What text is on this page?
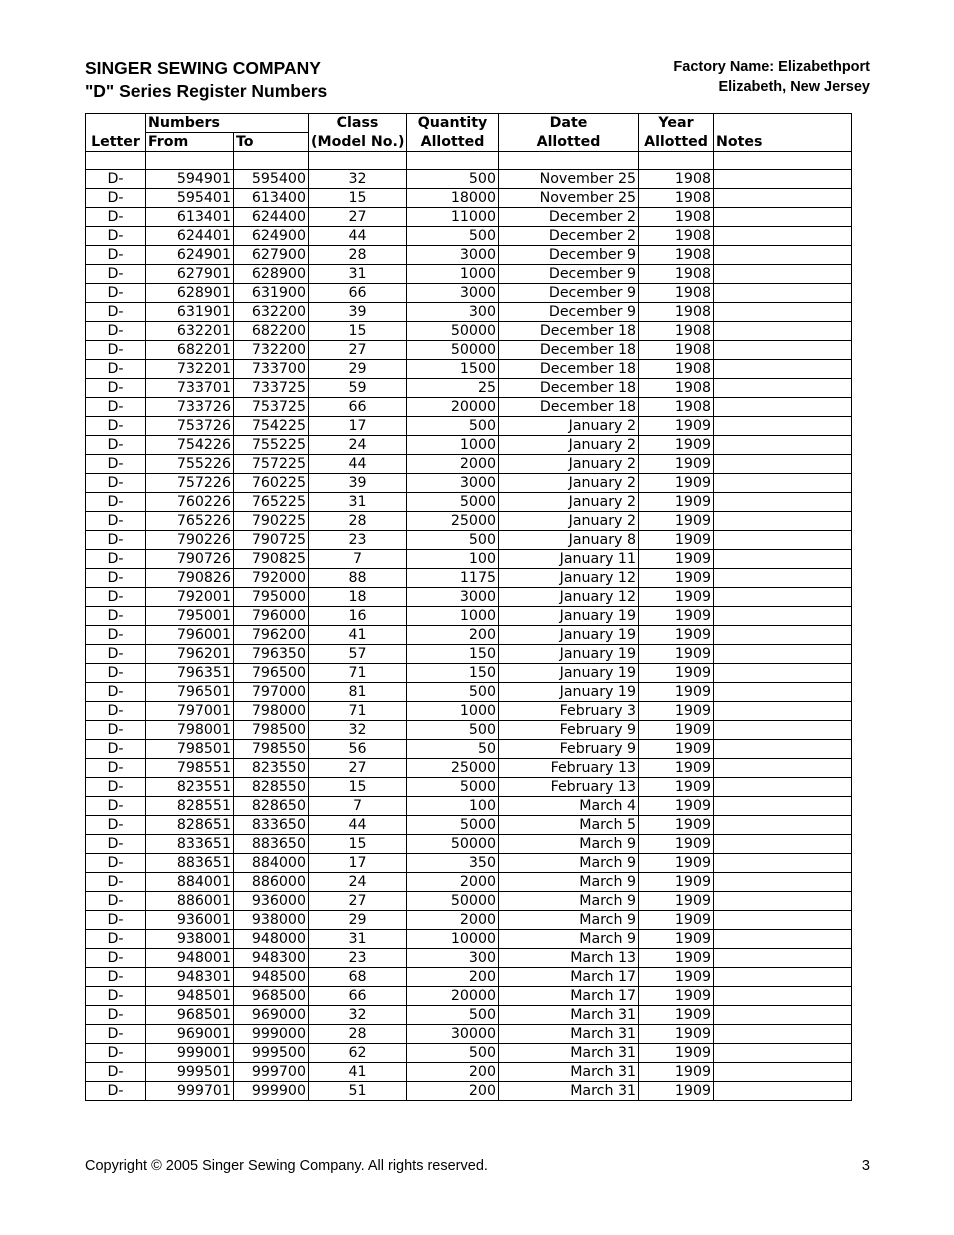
SINGER SEWING COMPANY
"D" Series Register Numbers
Factory Name: Elizabethport
Elizabeth, New Jersey
	Numbers		Class	Quantity	Date	Year	
Letter	From	To	(Model No.)	Allotted	Allotted	Allotted	Notes

D-	594901	595400	32	500	November 25	1908	
D-	595401	613400	15	18000	November 25	1908	
D-	613401	624400	27	11000	December 2	1908	
D-	624401	624900	44	500	December 2	1908	
D-	624901	627900	28	3000	December 9	1908	
D-	627901	628900	31	1000	December 9	1908	
D-	628901	631900	66	3000	December 9	1908	
D-	631901	632200	39	300	December 9	1908	
D-	632201	682200	15	50000	December 18	1908	
D-	682201	732200	27	50000	December 18	1908	
D-	732201	733700	29	1500	December 18	1908	
D-	733701	733725	59	25	December 18	1908	
D-	733726	753725	66	20000	December 18	1908	
D-	753726	754225	17	500	January 2	1909	
D-	754226	755225	24	1000	January 2	1909	
D-	755226	757225	44	2000	January 2	1909	
D-	757226	760225	39	3000	January 2	1909	
D-	760226	765225	31	5000	January 2	1909	
D-	765226	790225	28	25000	January 2	1909	
D-	790226	790725	23	500	January 8	1909	
D-	790726	790825	7	100	January 11	1909	
D-	790826	792000	88	1175	January 12	1909	
D-	792001	795000	18	3000	January 12	1909	
D-	795001	796000	16	1000	January 19	1909	
D-	796001	796200	41	200	January 19	1909	
D-	796201	796350	57	150	January 19	1909	
D-	796351	796500	71	150	January 19	1909	
D-	796501	797000	81	500	January 19	1909	
D-	797001	798000	71	1000	February 3	1909	
D-	798001	798500	32	500	February 9	1909	
D-	798501	798550	56	50	February 9	1909	
D-	798551	823550	27	25000	February 13	1909	
D-	823551	828550	15	5000	February 13	1909	
D-	828551	828650	7	100	March 4	1909	
D-	828651	833650	44	5000	March 5	1909	
D-	833651	883650	15	50000	March 9	1909	
D-	883651	884000	17	350	March 9	1909	
D-	884001	886000	24	2000	March 9	1909	
D-	886001	936000	27	50000	March 9	1909	
D-	936001	938000	29	2000	March 9	1909	
D-	938001	948000	31	10000	March 9	1909	
D-	948001	948300	23	300	March 13	1909	
D-	948301	948500	68	200	March 17	1909	
D-	948501	968500	66	20000	March 17	1909	
D-	968501	969000	32	500	March 31	1909	
D-	969001	999000	28	30000	March 31	1909	
D-	999001	999500	62	500	March 31	1909	
D-	999501	999700	41	200	March 31	1909	
D-	999701	999900	51	200	March 31	1909	
Copyright © 2005 Singer Sewing Company. All rights reserved.	3
